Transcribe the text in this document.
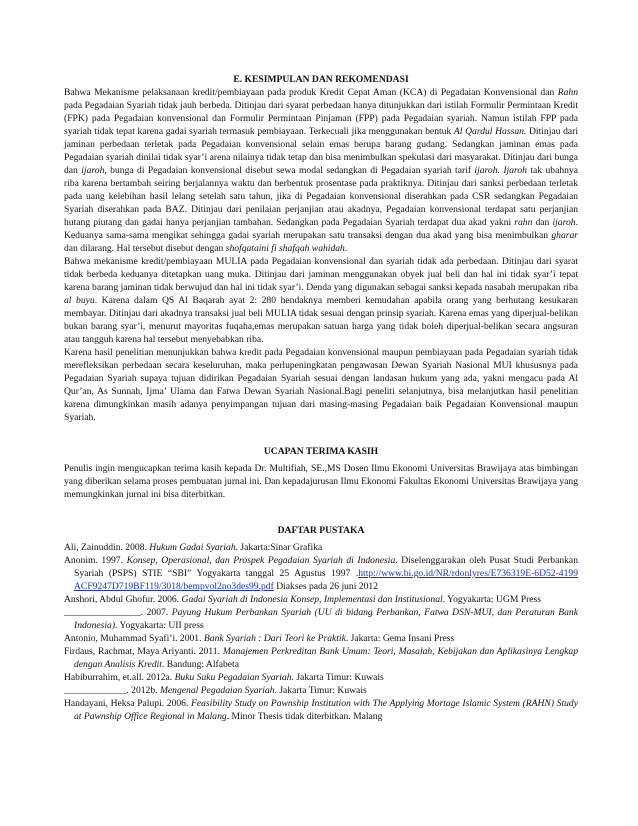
E. KESIMPULAN DAN REKOMENDASI

Bahwa Mekanisme pelaksanaan kredit/pembiayaan pada produk Kredit Cepat Aman (KCA) di Pegadaian Konvensional dan Rahn pada Pegadaian Syariah tidak jauh berbeda. Ditinjau dari syarat perbedaan hanya ditunjukkan dari istilah Formulir Permintaan Kredit (FPK) pada Pegadaian konvensional dan Formulir Permintaan Pinjaman (FPP) pada Pegadaian syariah. Namun istilah FPP pada syariah tidak tepat karena gadai syariah termasuk pembiayaan. Terkecuali jika menggunakan bentuk Al Qardul Hassan. Ditinjau dari jaminan perbedaan terletak pada Pegadaian konvensional selain emas berupa barang gudang. Sedangkan jaminan emas pada Pegadaian syariah dinilai tidak syar’i arena nilainya tidak tetap dan bisa menimbulkan spekulasi dari masyarakat. Ditinjau dari bunga dan ijaroh, bunga di Pegadaian konvensional disebut sewa modal sedangkan di Pegadaian syariah tarif ijaroh. Ijaroh tak ubahnya riba karena bertambah seiring berjalannya waktu dan berbentuk prosentase pada praktiknya. Ditinjau dari sanksi perbedaan terletak pada uang kelebihan hasil lelang setelah satu tahun, jika di Pegadaian konvensional diserahkan pada CSR sedangkan Pegadaian Syariah diserahkan pada BAZ. Ditinjau dari penilaian perjanjian atau akadnya, Pegadaian konvensional terdapat satu perjanjian hutang piutang dan gadai hanya perjanjian tambahan. Sedangkan pada Pegadaian Syariah terdapat dua akad yakni rahn dan ijaroh. Keduanya sama-sama mengikat sehingga gadai syariah merupakan satu transaksi dengan dua akad yang bisa menimbulkan gharar dan dilarang. Hal tersebut disebut dengan shofqataini fi shafqah wahidah.

Bahwa mekanisme kredit/pembiayaan MULIA pada Pegadaian konvensional dan syariah tidak ada perbedaan. Ditinjau dari syarat tidak berbeda keduanya ditetapkan uang muka. Ditinjau dari jaminan menggunakan obyek jual beli dan hal ini tidak syar’i tepat karena barang jaminan tidak berwujud dan hal ini tidak syar’i. Denda yang digunakan sebagai sanksi kepada nasabah merupakan riba al buyu. Karena dalam QS Al Baqarah ayat 2: 280 hendaknya memberi kemudahan apabila orang yang berhutang kesukaran membayar. Ditinjau dari akadnya transaksi jual beli MULIA tidak sesuai dengan prinsip syariah. Karena emas yang diperjual-belikan bukan barang syar’i, menurut mayoritas fuqaha,emas merupakan satuan harga yang tidak boleh diperjual-belikan secara angsuran atau tangguh karena hal tersebut menyebabkan riba.

Karena hasil penelitian menunjukkan bahwa kredit pada Pegadaian konvensional maupun pembiayaan pada Pegadaian syariah tidak merefleksikan perbedaan secara keseluruhan, maka perlupeningkatan pengawasan Dewan Syariah Nasional MUI khususnya pada Pegadaian Syariah supaya tujuan didirikan Pegadaian Syariah sesuai dengan landasan hukum yang ada, yakni mengacu pada Al Qur’an, As Sunnah, Ijma’ Ulama dan Fatwa Dewan Syariah Nasional.Bagi peneliti selanjutnya, bisa melanjutkan hasil penelitian karena dimungkinkan masih adanya penyimpangan tujuan dari masing-masing Pegadaian baik Pegadaian Konvensional maupun Syariah.

UCAPAN TERIMA KASIH

Penulis ingin mengucapkan terima kasih kepada Dr. Multifiah, SE.,MS Dosen Ilmu Ekonomi Universitas Brawijaya atas bimbingan yang diberikan selama proses pembuatan jurnal ini. Dan kepadajurusan Ilmu Ekonomi Fakultas Ekonomi Universitas Brawijaya yang memungkinkan jurnal ini bisa diterbitkan.

DAFTAR PUSTAKA

Ali, Zainuddin. 2008. Hukum Gadai Syariah. Jakarta:Sinar Grafika

Anonim. 1997. Konsep, Operasional, dan Prospek Pegadaian Syariah di Indonesia. Diselenggarakan oleh Pusat Studi Perbankan Syariah (PSPS) STIE “SBI” Yogyakarta tanggal 25 Agustus 1997 .http://www.bi.go.id/NR/rdonlyres/E736319E-6D52-4199 ACF9247D719BF119/3018/bempvol2no3des99.pdf Diakses pada 26 juni 2012

Anshori, Abdul Ghofur. 2006. Gadai Syariah di Indonesia Konsep, Implementasi dan Institusional. Yogyakarta: UGM Press

________________. 2007. Payung Hukum Perbankan Syariah (UU di bidang Perbankan, Fatwa DSN-MUI, dan Peraturan Bank Indonesia). Yogyakarta: UII press

Antonio, Muhammad Syafi’i. 2001. Bank Syariah : Dari Teori ke Praktik. Jakarta: Gema Insani Press

Firdaus, Rachmat, Maya Ariyanti. 2011. Manajemen Perkreditan Bank Umum: Teori, Masalah, Kebijakan dan Aplikasinya Lengkap dengan Analisis Kredit. Bandung: Alfabeta

Habiburrahim, et.all. 2012a. Buku Saku Pegadaian Syariah. Jakarta Timur: Kuwais

_____________. 2012b. Mengenal Pegadaian Syariah. Jakarta Timur: Kuwais

Handayani, Heksa Palupi. 2006. Feasibility Study on Pawnship Institution with The Applying Mortage Islamic System (RAHN) Study at Pawnship Office Regional in Malang. Minor Thesis tidak diterbitkan. Malang
